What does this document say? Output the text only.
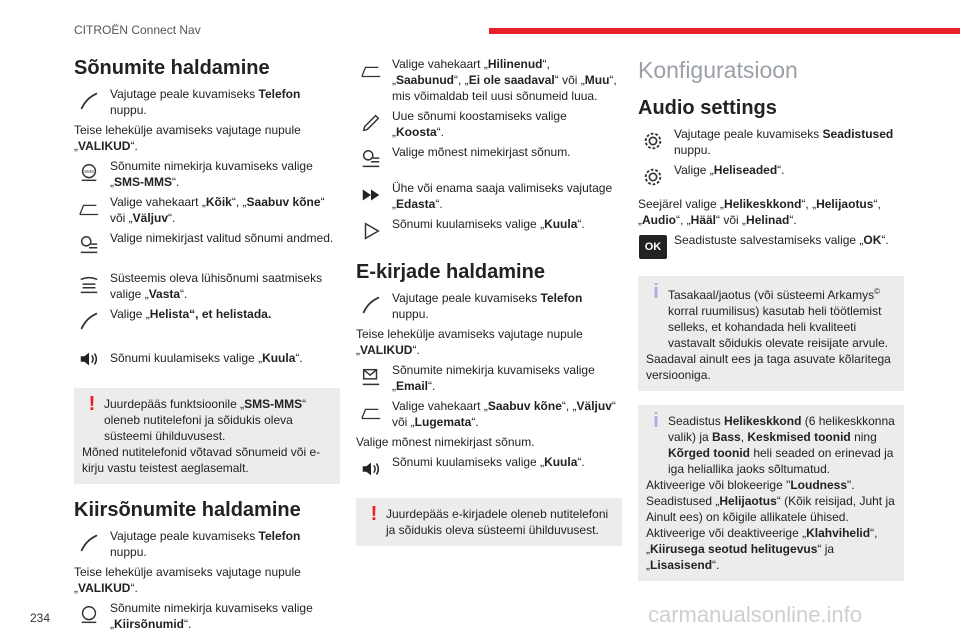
CITROËN Connect Nav
Sõnumite haldamine
Vajutage peale kuvamiseks Telefon nuppu.
Teise lehekülje avamiseks vajutage nupule „VALIKUD“.
SMS Sõnumite nimekirja kuvamiseks valige „SMS-MMS“.
Valige vahekaart „Kõik“, „Saabuv kõne“ või „Väljuv“.
Valige nimekirjast valitud sõnumi andmed.
Süsteemis oleva lühisõnumi saatmiseks valige „Vasta“.
Valige „Helista“, et helistada.
Sõnumi kuulamiseks valige „Kuula“.
! Juurdepääs funktsioonile „SMS-MMS“ oleneb nutitelefoni ja sõidukis oleva süsteemi ühilduvusest.
Mõned nutitelefonid võtavad sõnumeid või e-kirju vastu teistest aeglasemalt.
Kiirsõnumite haldamine
Vajutage peale kuvamiseks Telefon nuppu.
Teise lehekülje avamiseks vajutage nupule „VALIKUD“.
Sõnumite nimekirja kuvamiseks valige „Kiirsõnumid“.
Valige vahekaart „Hilinenud“, „Saabunud“, „Ei ole saadaval“ või „Muu“, mis võimaldab teil uusi sõnumeid luua.
Uue sõnumi koostamiseks valige „Koosta“.
Valige mõnest nimekirjast sõnum.
Ühe või enama saaja valimiseks vajutage „Edasta“.
Sõnumi kuulamiseks valige „Kuula“.
E-kirjade haldamine
Vajutage peale kuvamiseks Telefon nuppu.
Teise lehekülje avamiseks vajutage nupule „VALIKUD“.
Sõnumite nimekirja kuvamiseks valige „Email“.
Valige vahekaart „Saabuv kõne“, „Väljuv“ või „Lugemata“.
Valige mõnest nimekirjast sõnum.
Sõnumi kuulamiseks valige „Kuula“.
! Juurdepääs e-kirjadele oleneb nutitelefoni ja sõidukis oleva süsteemi ühilduvusest.
Konfiguratsioon
Audio settings
Vajutage peale kuvamiseks Seadistused nuppu.
Valige „Heliseaded“.
Seejärel valige „Helikeskkond“, „Helijaotus“, „Audio“, „Hääl“ või „Helinad“.
OK	Seadistuste salvestamiseks valige „OK“.
i Tasakaal/jaotus (või süsteemi Arkamys© korral ruumilisus) kasutab heli töötlemist selleks, et kohandada heli kvaliteeti vastavalt sõidukis olevate reisijate arvule.
Saadaval ainult ees ja taga asuvate kõlaritega versiooniga.
i Seadistus Helikeskkond (6 helikeskkonna valik) ja Bass, Keskmised toonid ning Kõrged toonid heli seaded on erinevad ja iga heliallika jaoks sõltumatud.
Aktiveerige või blokeerige "Loudness".
Seadistused „Helijaotus“ (Kõik reisijad, Juht ja Ainult ees) on kõigile allikatele ühised.
Aktiveerige või deaktiveerige „Klahvihelid“, „Kiirusega seotud helitugevus“ ja „Lisasisend“.
234	carmanualsonline.info
